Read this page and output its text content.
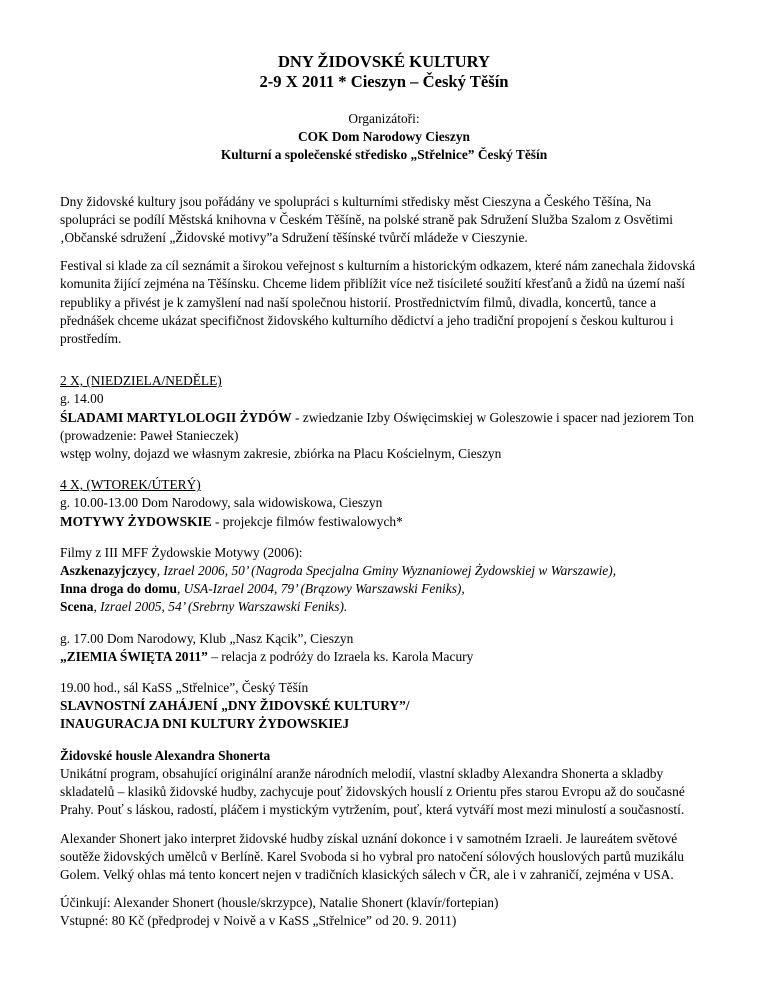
DNY ŽIDOVSKÉ KULTURY
2-9 X 2011 * Cieszyn – Český Těšín
Organizátoři:
COK Dom Narodowy Cieszyn
Kulturní a společenské středisko „Střelnice” Český Těšín

Dny židovské kultury jsou pořádány ve spolupráci s kulturními středisky měst Cieszyna a Českého Těšína, Na spolupráci se podílí Městská knihovna v Českém Těšíně, na polské straně pak Sdružení Služba Szalom z Osvětimi ‚Občanské sdružení „Židovské motivy”a Sdružení těšínské tvůrčí mládeže v Cieszynie.

Festival si klade za cíl seznámit a širokou veřejnost s kulturním a historickým odkazem, které nám zanechala židovská komunita žijící zejména na Těšínsku. Chceme lidem přiblížit více než tisícileté soužití křesťanů a židů na území naší republiky a přivést je k zamyšlení nad naší společnou historií. Prostřednictvím filmů, divadla, koncertů, tance a přednášek chceme ukázat specifičnost židovského kulturního dědictví a jeho tradiční propojení s českou kulturou i prostředím.

2 X, (NIEDZIELA/NEDĚLE)
g. 14.00
ŚLADAMI MARTYLOLOGII ŻYDÓW - zwiedzanie Izby Oświęcimskiej w Goleszowie i spacer nad jeziorem Ton (prowadzenie: Paweł Stanieczek)
wstęp wolny, dojazd we własnym zakresie, zbiórka na Placu Kościelnym, Cieszyn
4 X, (WTOREK/ÚTERÝ)
g. 10.00-13.00 Dom Narodowy, sala widowiskowa, Cieszyn
MOTYWY ŻYDOWSKIE - projekcje filmów festiwalowych*
Filmy z III MFF Żydowskie Motywy (2006):
Aszkenazyjczycy, Izrael 2006, 50’ (Nagroda Specjalna Gminy Wyznaniowej Żydowskiej w Warszawie),
Inna droga do domu, USA-Izrael 2004, 79’ (Brązowy Warszawski Feniks),
Scena, Izrael 2005, 54’ (Srebrny Warszawski Feniks).
g. 17.00 Dom Narodowy, Klub „Nasz Kącik”, Cieszyn
„ZIEMIA ŚWIĘTA 2011” – relacja z podróży do Izraela ks. Karola Macury
19.00 hod., sál KaSS „Střelnice”, Český Těšín
SLAVNOSTNÍ ZAHÁJENÍ „DNY ŽIDOVSKÉ KULTURY”/
INAUGURACJA DNI KULTURY ŻYDOWSKIEJ
Židovské housle Alexandra Shonerta

Unikátní program, obsahující originální aranže národních melodií, vlastní skladby Alexandra Shonerta a skladby skladatelů – klasiků židovské hudby, zachycuje pouť židovských houslí z Orientu přes starou Evropu až do současné Prahy. Pouť s láskou, radostí, pláčem i mystickým vytržením, pouť, která vytváří most mezi minulostí a současností.

Alexander Shonert jako interpret židovské hudby získal uznání dokonce i v samotném Izraeli. Je laureátem světové soutěže židovských umělců v Berlíně. Karel Svoboda si ho vybral pro natočení sólových houslových partů muzikálu Golem. Velký ohlas má tento koncert nejen v tradičních klasických sálech v ČR, ale i v zahraničí, zejména v USA.

Účinkují: Alexander Shonert (housle/skrzypce), Natalie Shonert (klavír/fortepian)
Vstupné: 80 Kč (předprodej v Noivě a v KaSS „Střelnice” od 20. 9. 2011)
